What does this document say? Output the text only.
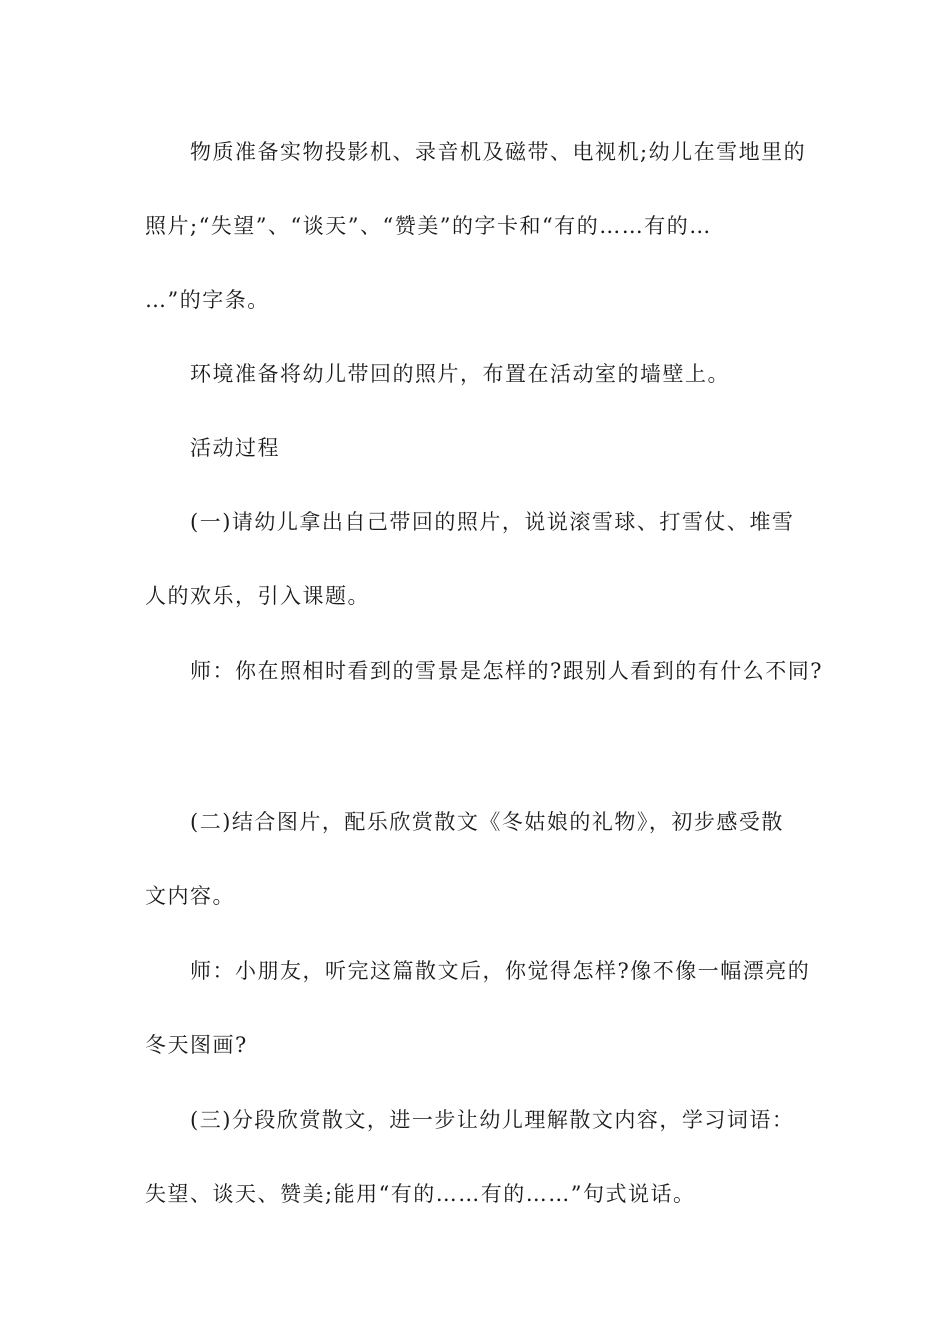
物质准备实物投影机、录音机及磁带、电视机;幼儿在雪地里的
照片;“失望”、“谈天”、“赞美”的字卡和“有的……有的…
…”的字条。
环境准备将幼儿带回的照片，布置在活动室的墙壁上。
活动过程
(一)请幼儿拿出自己带回的照片，说说滚雪球、打雪仗、堆雪
人的欢乐，引入课题。
师：你在照相时看到的雪景是怎样的?跟别人看到的有什么不同?
(二)结合图片，配乐欣赏散文《冬姑娘的礼物》，初步感受散
文内容。
师：小朋友，听完这篇散文后，你觉得怎样?像不像一幅漂亮的
冬天图画?
(三)分段欣赏散文，进一步让幼儿理解散文内容，学习词语：
失望、谈天、赞美;能用“有的……有的……”句式说话。
